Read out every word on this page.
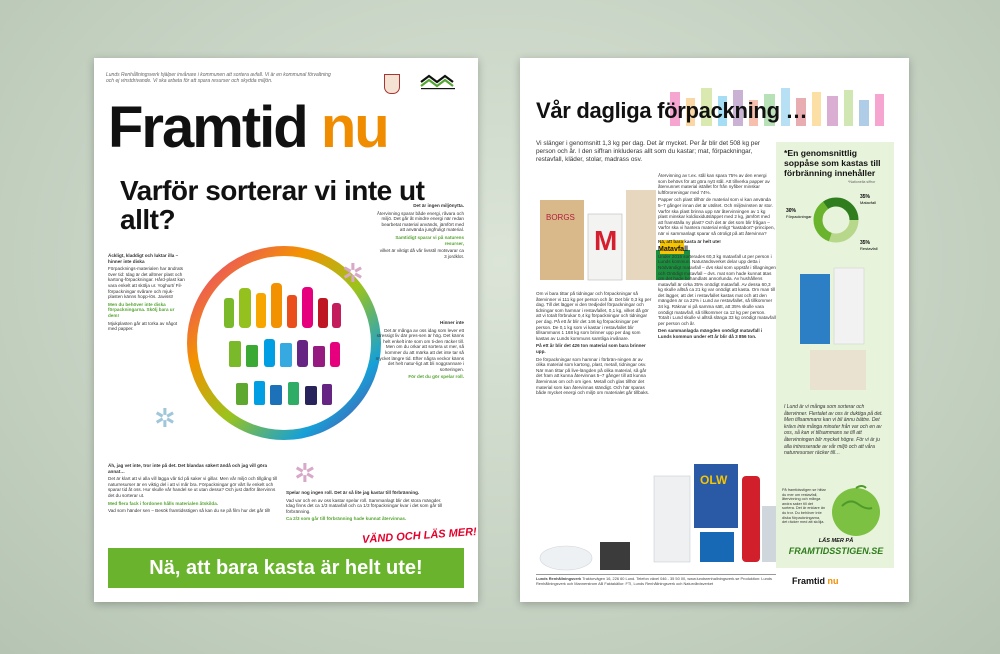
Lunds Renhållningsverk hjälper invånare i kommunen att sortera avfall. Vi är en kommunal förvaltning och ej vinstdrivande. Vi ska arbeta för att spara resurser och skydda miljön.
Framtid nu
Varför sorterar vi inte ut allt?
✲
✲
✲

Äckligt, kladdigt och luktar illa – hinner inte diska

Förpacknings-materialen har ändrats över tid: Idag är det alltmer plast och kartong-förpackningar. Hård-plast kan vara enkelt att skölja ur. Yoghurt/ Fil-förpackningar svårare och mjuk-plasten känns hopp-lös. Javisst!

Men du behöver inte diska förpackningarna. Skölj bara ur dem!

Mjukplasten går att torka av något med papper.

Det är ingen miljönytta.

Återvinning sparar både energi, råvara och miljö. Det går åt mindre energi när redan bearbetat material används, jämfört med att använda jungfruligt material.

Samtidigt sparar vi på naturens resurser,

vilket är viktigt då vår livsstil motsvarar ca 3 jordklot.

Hinner inte

Det är många av oss idag som lever ett stressigt liv där pres-sen är hög. Det känns helt enkelt inte som om ti-den räcker till. Men om du orkar att sortera ut mer, så kommer du att märka att det inte tar så mycket längre tid. Efter några veckor känns det helt natur-ligt att bli noggrannare i sorteringen.

För det du gör spelar roll.

Äh, jag vet inte, tror inte på det. Det blandas säkert ändå och jag vill göra annat…

Det är klart att vi alla vill lägga vår tid på saker vi gillar. Men vår miljö och tillgång till naturresurser är en viktig del i att vi mår bra. Förpackningar gör vårt liv enkelt och sparar tid åt oss. Hur skulle vår handel se ut utan dessa? Och just därför återvinns det du sorterar ut.

Med flera fack i fordonen hålls materialen åtskilda.

Vad som händer sen – Besök framtidsstigen så kan du se på film hur det går till!

Spelar nog ingen roll. Det är så lite jag kastar till förbränning.

Vad var och en av oss kastar spelar roll. Sammanlagt blir det stora mängder. Idag finns det ca 1/3 matavfall och ca 1/3 förpackningar kvar i det som går till förbränning.

Ca 2/3 som går till förbränning hade kunnat återvinnas.

VÄND OCH LÄS MER!
Nä, att bara kasta är helt ute!
Vår dagliga förpackning …
Vi slänger i genomsnitt 1,3 kg per dag. Det är mycket. Per år blir det 508 kg per person och år. I den siffran inkluderas allt som du kastar; mat, förpackningar, restavfall, kläder, stolar, madrass osv.
BORGS
M

Om vi bara tittar på tidningar och förpackningar så återvinner vi 111 kg per person och år. Det blir 0,3 kg per dag. Till det lägger vi den tredjedel förpackningar och tidningar som hamnar i restavfallet, 0,1 kg, vilket då gör att vi totalt förbrukar 0,4 kg förpackningar och tidningar per dag. På ett år blir det 146 kg förpackningar per person. De 0,1 kg som vi kastar i restavfallet blir tillsammans 1 168 kg som brinner upp per dag som kastas av Lunds kommuns samtliga invånare.

På ett år blir det 426 ton material som bara brinner upp.

De förpackningar som hamnar i förbrän-ningen är av olika material som kartong, plast, metall, tidningar osv. När man tittar på live-längden på olika material, så går det fram att kunna återvinnas 5–7 gånger till att kunna återvinnas om och om igen. Metall och glas tillhör det material som kan återvinnas ständigt. Och här sparas både mycket energi och miljö om materialet går tillbaks.

Återvinning av t.ex. stål kan spara 75% av den energi som behövs för att göra nytt stål. Att tillverka papper av återvunnet material istället för från nyfiber minskar luftföroreningar med 74%.

Papper och plast tillhör de material som vi kan använda 5–7 gånger innan det är utslitet. Och miljövinsten är stor. Varför ska plast brinna upp när återvinningen av 1 kg plast minskar koldioxidutsläppet med 2 kg, jämfört med att framställa ny plast? Och det är det som blir frågan – Varför ska vi hantera material enligt "kastabort"-principen, när vi sammanlagt sparar så otroligt på att återvinna?

Nä, att bara kasta är helt ute!

Matavfall

Under 2015 sorterades 60,3 kg matavfall ut per person i Lunds kommun. Naturändsverket delar upp detta i Nödvändigt matavfall – dvs skal som uppstår i tillagningen och Onödigt matavfall – dvs. mat som hade kunnat ätas om det hade behandlats annorlunda. Av hushållens matavfall är cirka 35% onödigt matavfall. Av dessa 60,3 kg skulle alltså ca 21 kg var onödigt att kasta. Om man till det lägger, att det i restavfallet kastas mat och att den mängden är ca 22% i Lund av restavfallet, så tillkommer 34 kg. Räknar vi på samma sätt, att 35% skulle vara onödigt matavfall, så tillkommer ca 12 kg per person. Totalt i Lund skulle vi alltså slänga 33 kg onödigt matavfall per person och år.

Den sammanlagda mängden onödigt matavfall i Lunds kommun under ett år blir då 3 856 ton.

*En genomsnittlig soppåse som kastas till förbränning innehåller
*Nationella siffror
30%
Förpackningar
35%
Matavfall
35%
Restavfall
I Lund är vi många som sorterar och återvinner. Flertalet av oss är duktiga på det. Men tillsammans kan vi bli ännu bättre. Det krävs inte många minuter från var och en av oss, så kan vi tillsammans se till att återvinningen blir mycket högre. För vi är ju alla intresserade av vår miljö och att våra naturresurser räcker till…
På framtidsstigen se hittar du mer om restavfall, återvinning och många andra saker till det sortera. Det är enklare än du tror. Du behöver inte diska förpackningarna, det räcker med att skölja.
LÄS MER PÅ
FRAMTIDSSTIGEN.SE
OLW
Lunds Renhållningsverk Traktorvägen 16, 226 60 Lund. Telefon växel 046 - 35 50 00, www.lundsrenhallningsverk.se Produktion: Lunds Renhållningsverk och Mannerstrom AB Faktakällor: FTI, Lunds Renhållningsverk och Naturvårdsverket	Framtid nu
